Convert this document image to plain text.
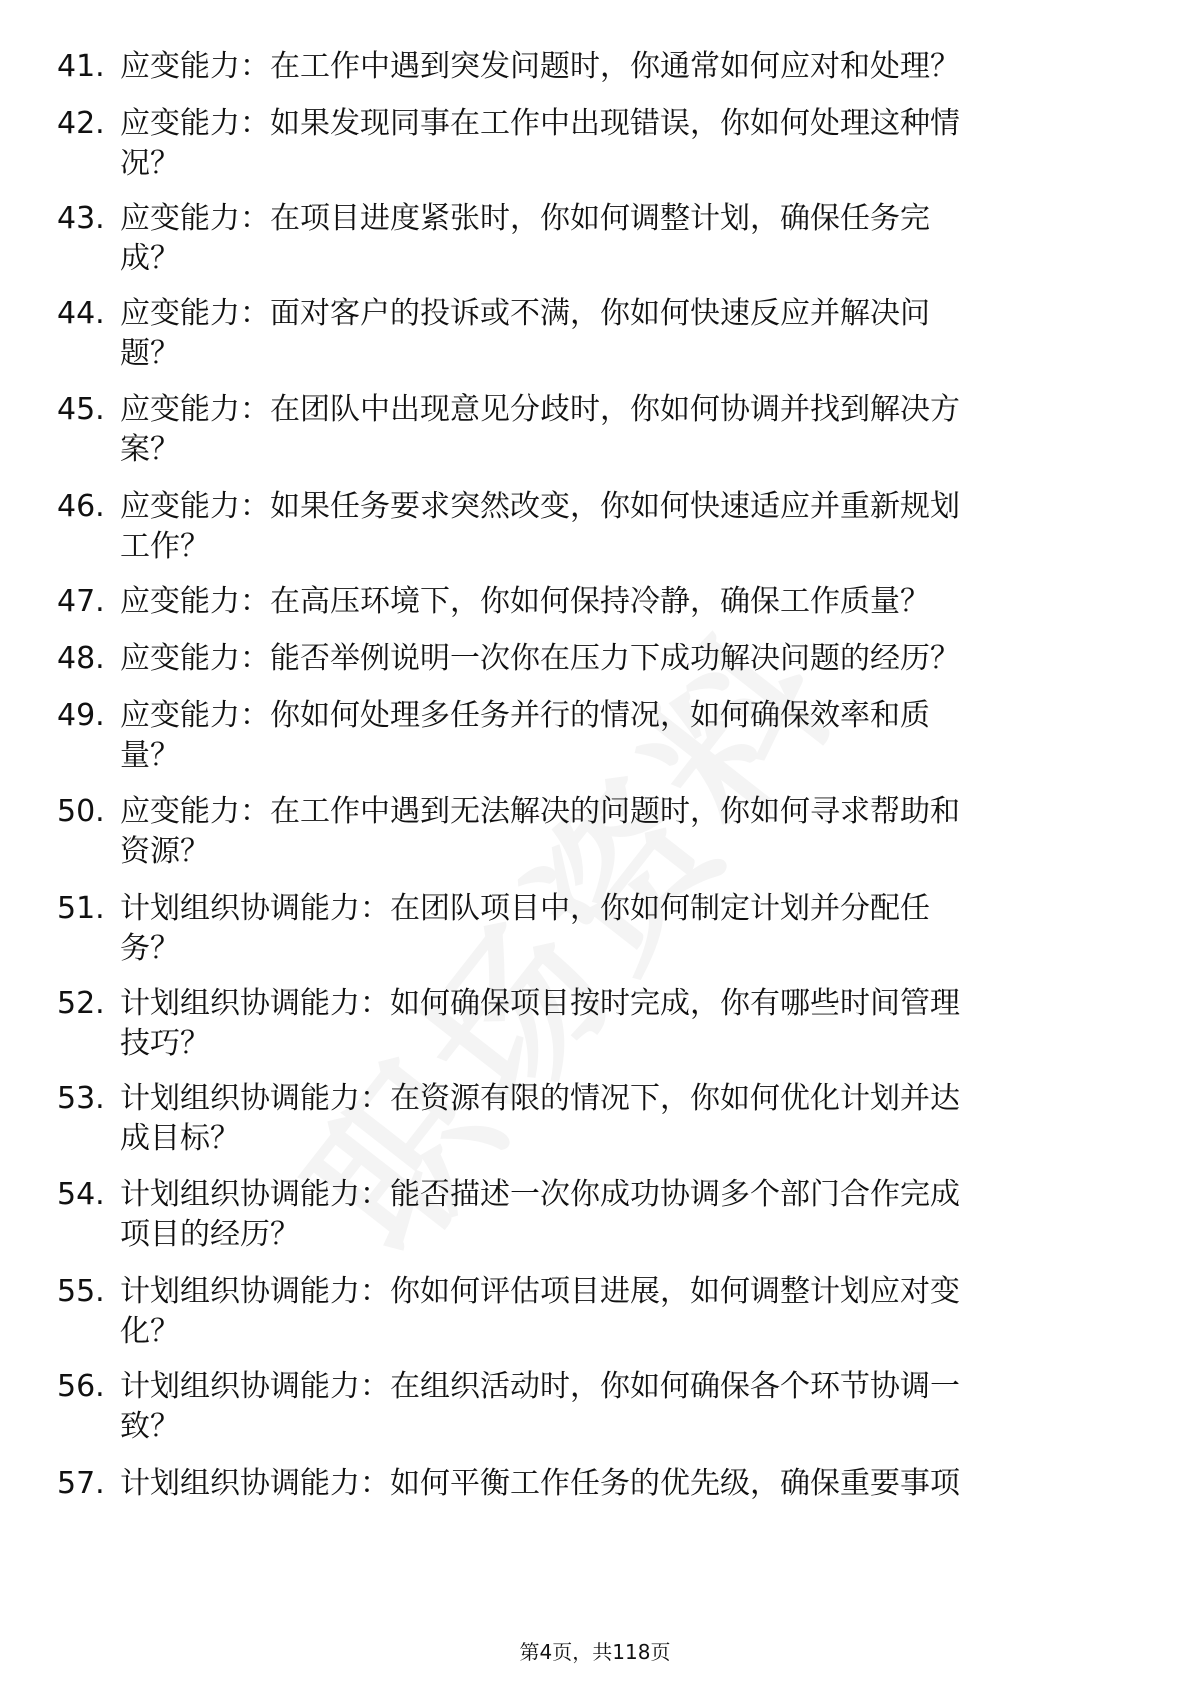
41. 应变能力：在工作中遇到突发问题时，你通常如何应对和处理？
42. 应变能力：如果发现同事在工作中出现错误，你如何处理这种情
况？
43. 应变能力：在项目进度紧张时，你如何调整计划，确保任务完
成？
44. 应变能力：面对客户的投诉或不满，你如何快速反应并解决问
题？
45. 应变能力：在团队中出现意见分歧时，你如何协调并找到解决方
案？
46. 应变能力：如果任务要求突然改变，你如何快速适应并重新规划
工作？
47. 应变能力：在高压环境下，你如何保持冷静，确保工作质量？
48. 应变能力：能否举例说明一次你在压力下成功解决问题的经历？
49. 应变能力：你如何处理多任务并行的情况，如何确保效率和质
量？
50. 应变能力：在工作中遇到无法解决的问题时，你如何寻求帮助和
资源？
51. 计划组织协调能力：在团队项目中，你如何制定计划并分配任
务？
52. 计划组织协调能力：如何确保项目按时完成，你有哪些时间管理
技巧？
53. 计划组织协调能力：在资源有限的情况下，你如何优化计划并达
成目标？
54. 计划组织协调能力：能否描述一次你成功协调多个部门合作完成
项目的经历？
55. 计划组织协调能力：你如何评估项目进展，如何调整计划应对变
化？
56. 计划组织协调能力：在组织活动时，你如何确保各个环节协调一
致？
57. 计划组织协调能力：如何平衡工作任务的优先级，确保重要事项
第4页，共118页
